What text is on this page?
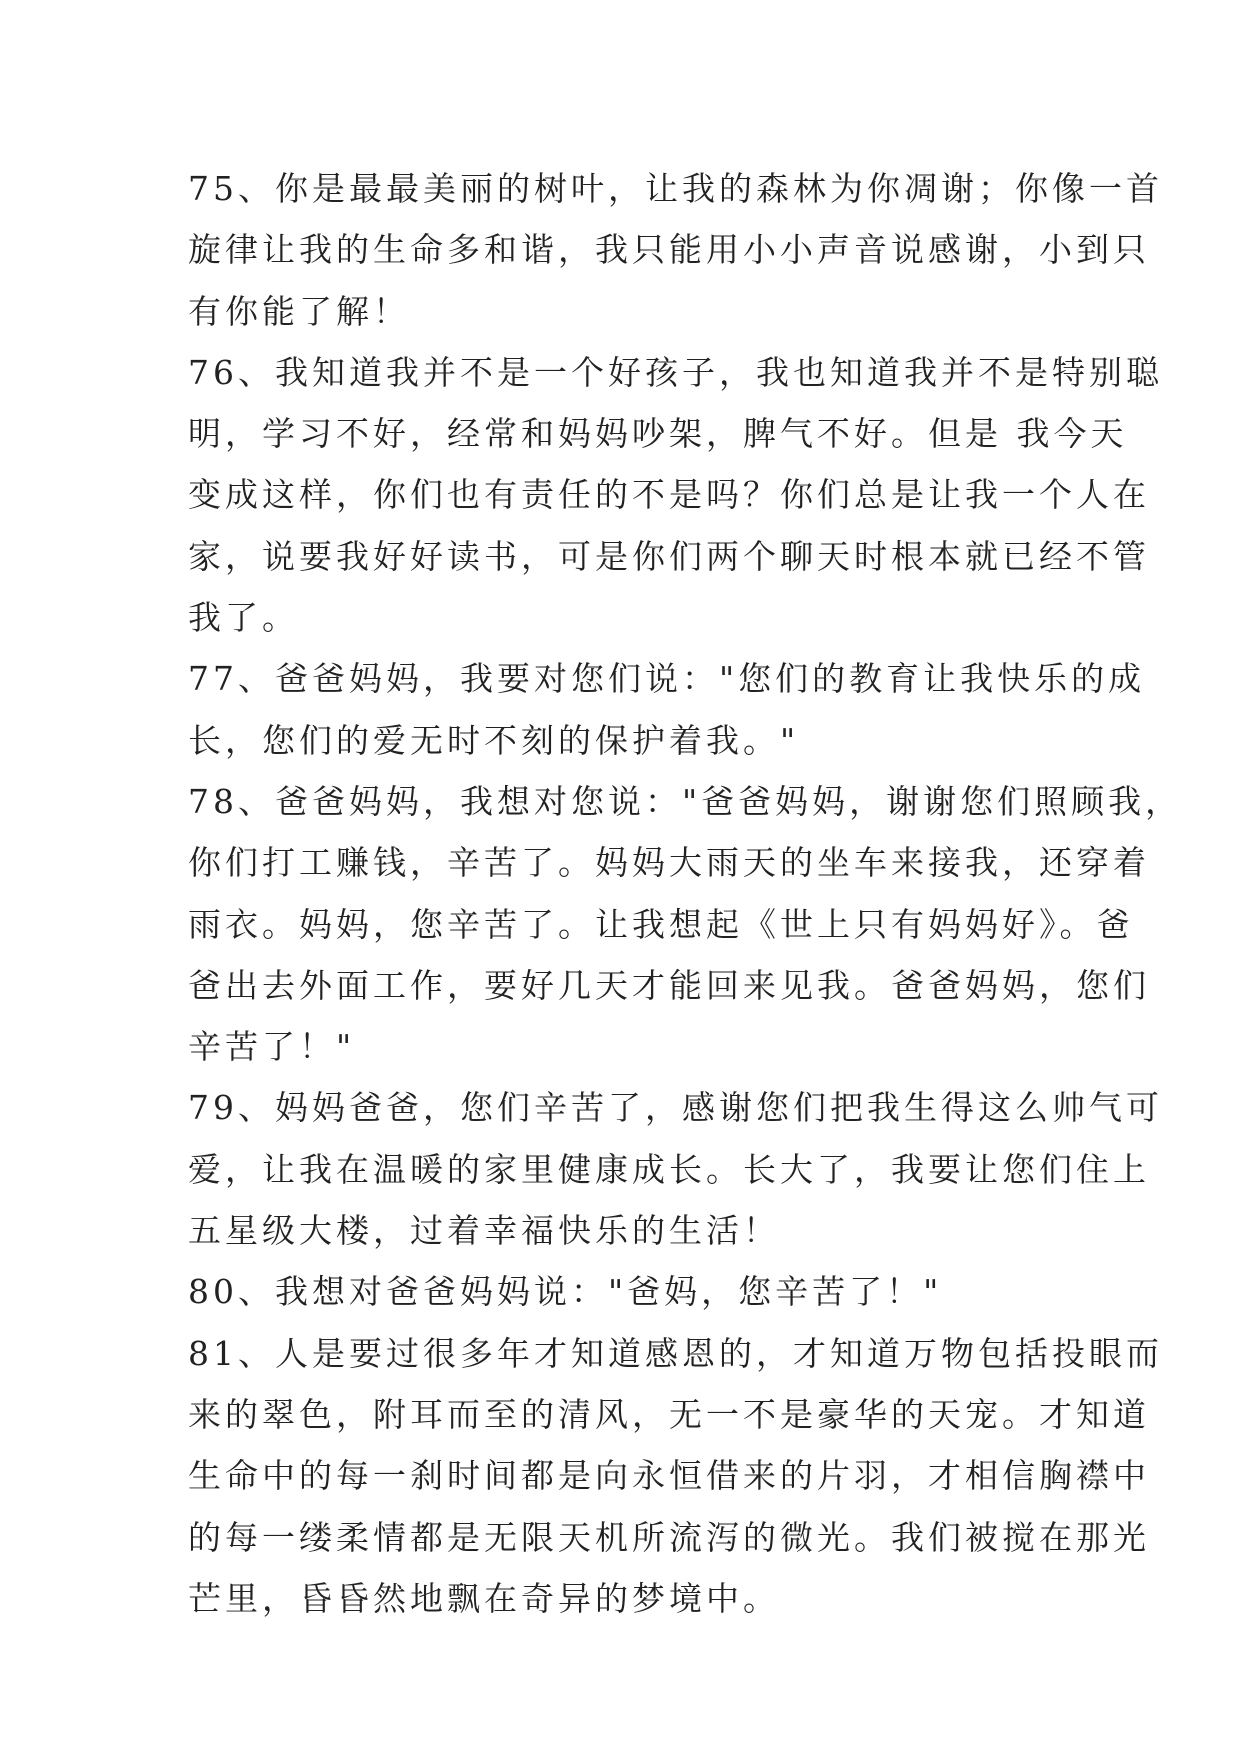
75、你是最最美丽的树叶，让我的森林为你凋谢；你像一首
旋律让我的生命多和谐，我只能用小小声音说感谢，小到只
有你能了解！
76、我知道我并不是一个好孩子，我也知道我并不是特别聪
明，学习不好，经常和妈妈吵架，脾气不好。但是 我今天
变成这样，你们也有责任的不是吗？你们总是让我一个人在
家，说要我好好读书，可是你们两个聊天时根本就已经不管
我了。
77、爸爸妈妈，我要对您们说："您们的教育让我快乐的成
长，您们的爱无时不刻的保护着我。"
78、爸爸妈妈，我想对您说："爸爸妈妈，谢谢您们照顾我，
你们打工赚钱，辛苦了。妈妈大雨天的坐车来接我，还穿着
雨衣。妈妈，您辛苦了。让我想起《世上只有妈妈好》。爸
爸出去外面工作，要好几天才能回来见我。爸爸妈妈，您们
辛苦了！"
79、妈妈爸爸，您们辛苦了，感谢您们把我生得这么帅气可
爱，让我在温暖的家里健康成长。长大了，我要让您们住上
五星级大楼，过着幸福快乐的生活！
80、我想对爸爸妈妈说："爸妈，您辛苦了！"
81、人是要过很多年才知道感恩的，才知道万物包括投眼而
来的翠色，附耳而至的清风，无一不是豪华的天宠。才知道
生命中的每一刹时间都是向永恒借来的片羽，才相信胸襟中
的每一缕柔情都是无限天机所流泻的微光。我们被搅在那光
芒里，昏昏然地飘在奇异的梦境中。
